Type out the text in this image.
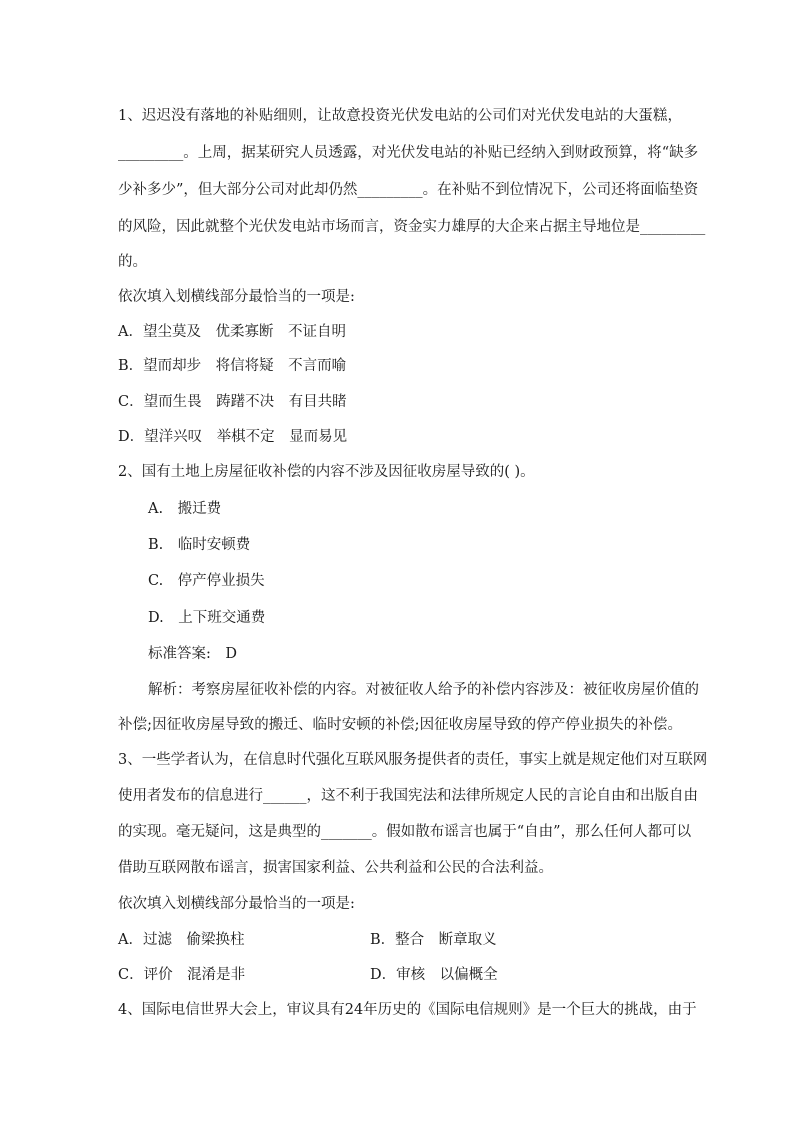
1、迟迟没有落地的补贴细则，让故意投资光伏发电站的公司们对光伏发电站的大蛋糕，
_________。上周，据某研究人员透露，对光伏发电站的补贴已经纳入到财政预算，将“缺多
少补多少”，但大部分公司对此却仍然_________。在补贴不到位情况下，公司还将面临垫资
的风险，因此就整个光伏发电站市场而言，资金实力雄厚的大企来占据主导地位是_________
的。
依次填入划横线部分最恰当的一项是:
A．望尘莫及　优柔寡断　不证自明
B．望而却步　将信将疑　不言而喻
C．望而生畏　踌躇不决　有目共睹
D．望洋兴叹　举棋不定　显而易见
2、国有土地上房屋征收补偿的内容不涉及因征收房屋导致的( )。
A.　搬迁费
B.　临时安顿费
C.　停产停业损失
D.　上下班交通费
标准答案:　D
解析：考察房屋征收补偿的内容。对被征收人给予的补偿内容涉及：被征收房屋价值的
补偿;因征收房屋导致的搬迁、临时安顿的补偿;因征收房屋导致的停产停业损失的补偿。
3、一些学者认为，在信息时代强化互联风服务提供者的责任，事实上就是规定他们对互联网
使用者发布的信息进行______，这不利于我国宪法和法律所规定人民的言论自由和出版自由
的实现。毫无疑问，这是典型的_______。假如散布谣言也属于“自由”，那么任何人都可以
借助互联网散布谣言，损害国家利益、公共利益和公民的合法利益。
依次填入划横线部分最恰当的一项是:
A．过滤　偷梁换柱	B．整合　断章取义
C．评价　混淆是非	D．审核　以偏概全
4、国际电信世界大会上，审议具有24年历史的《国际电信规则》是一个巨大的挑战，由于
